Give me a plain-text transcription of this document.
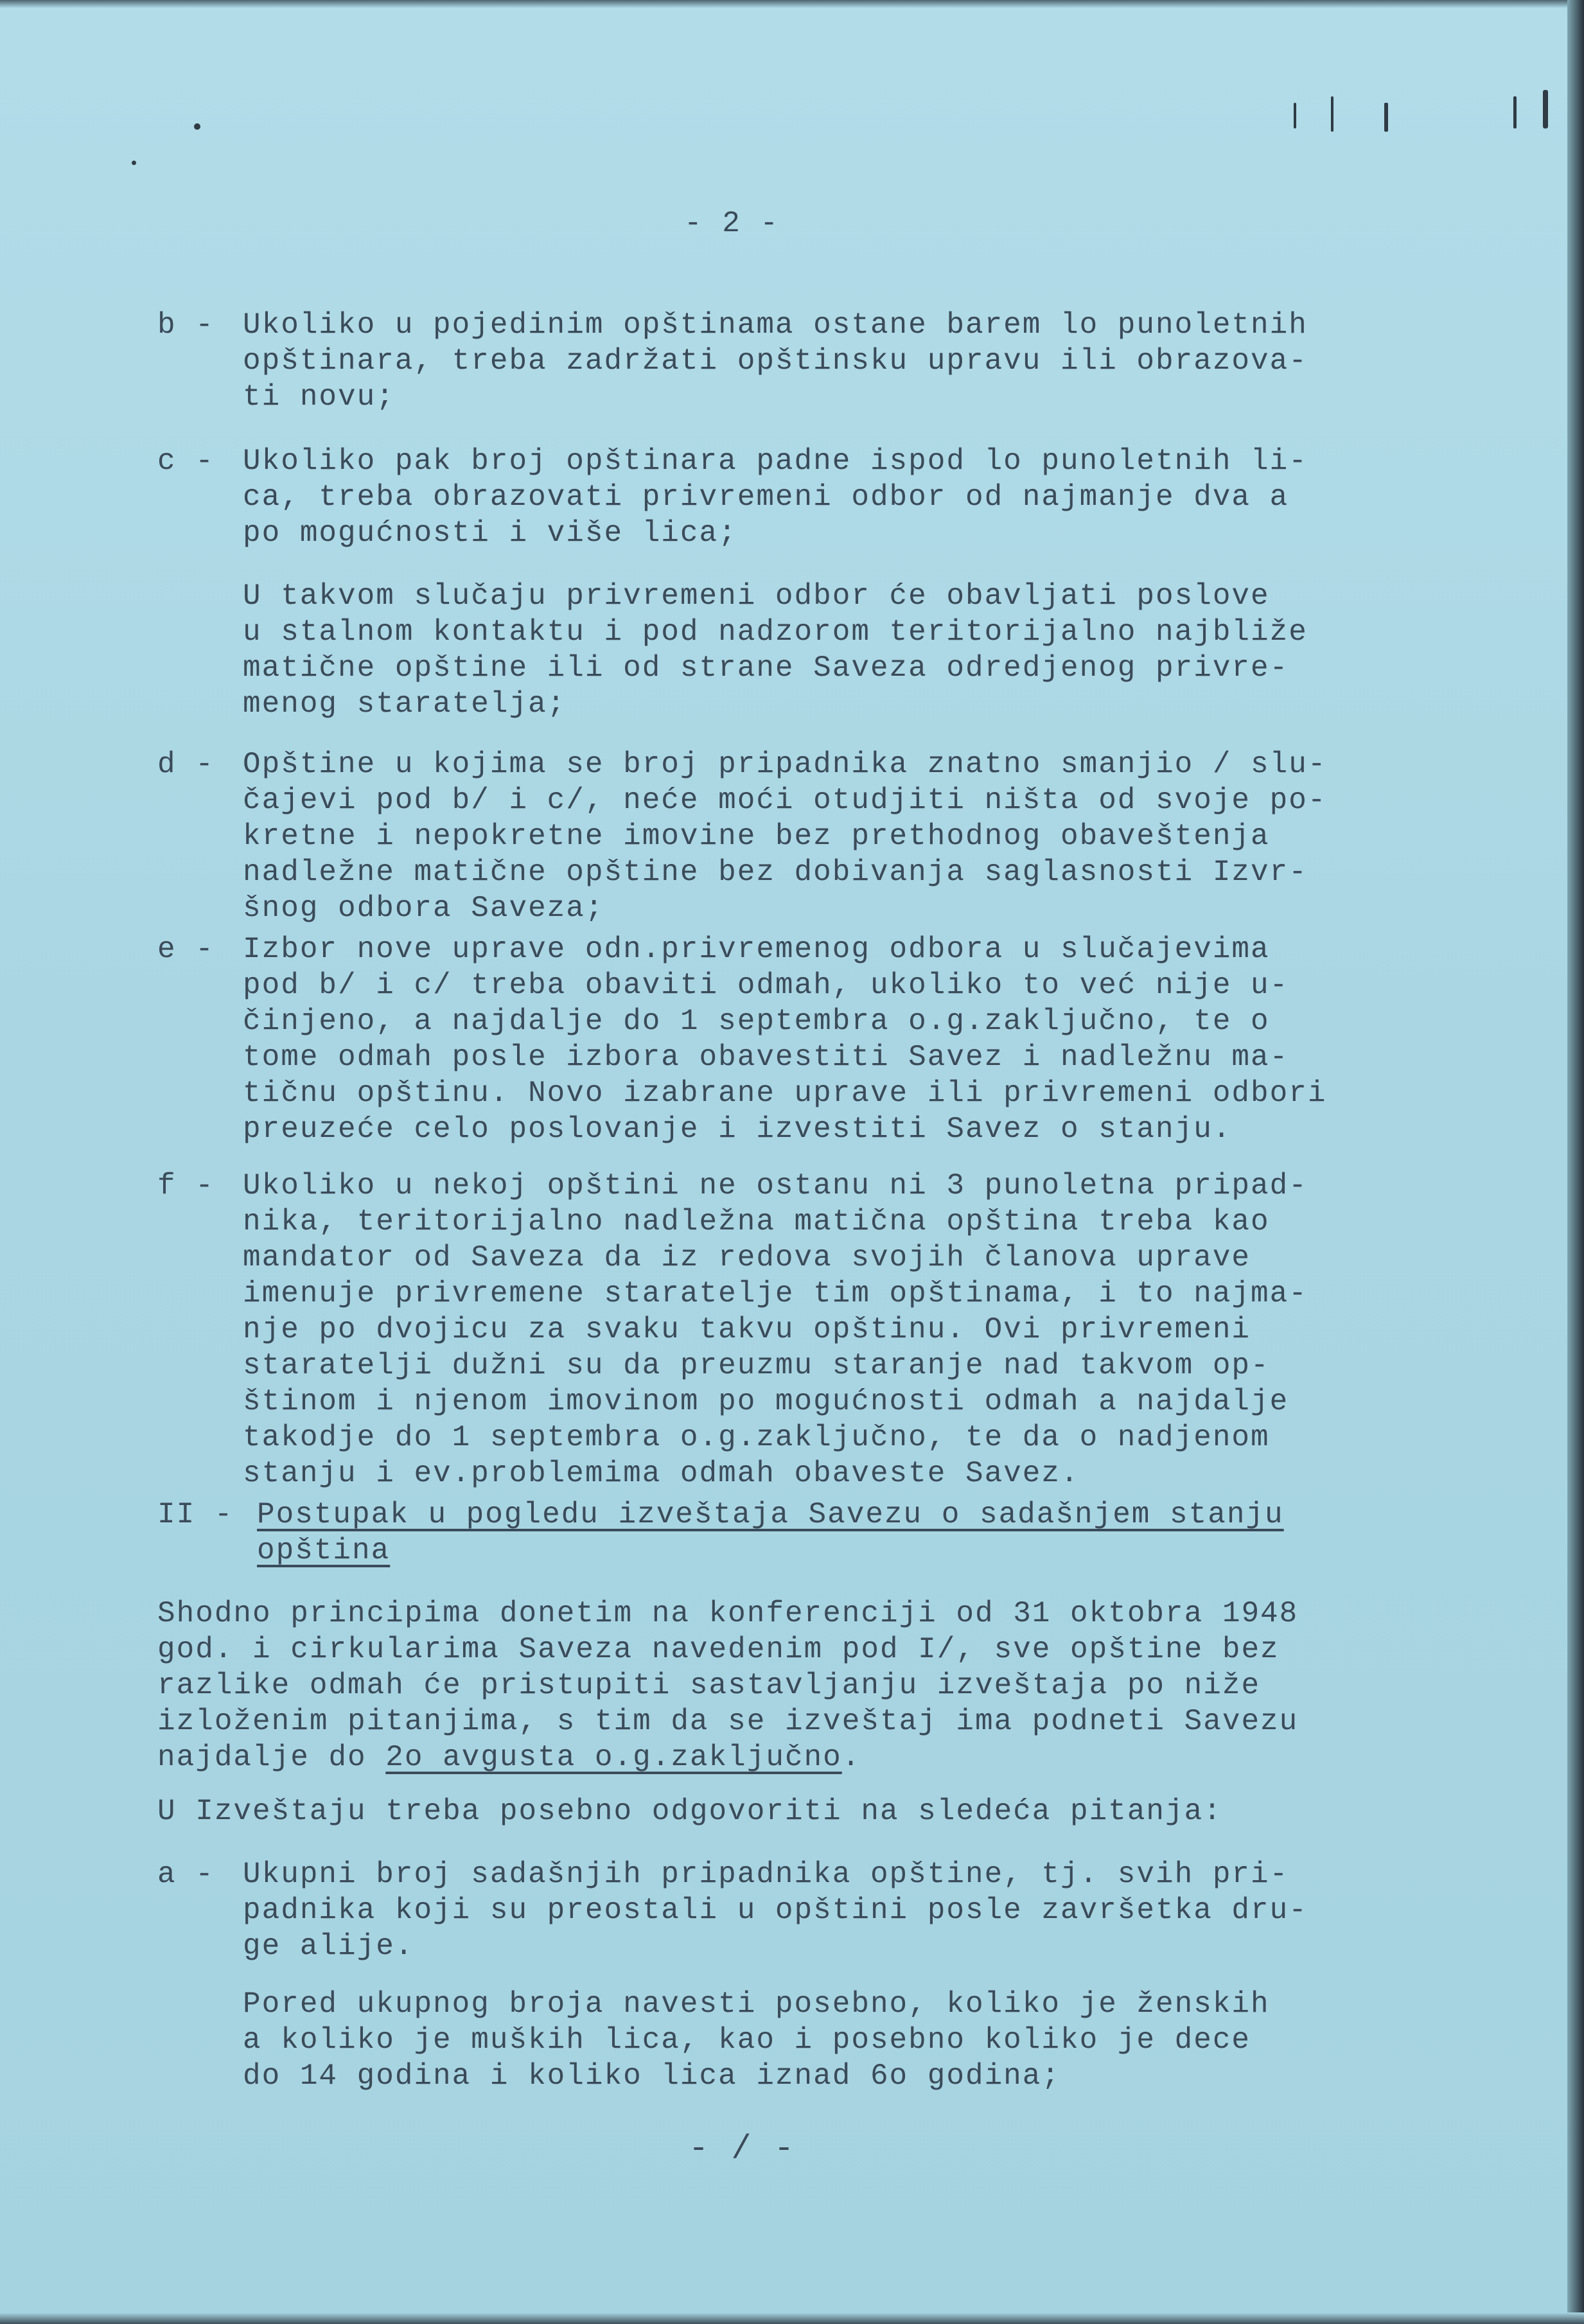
- 2 -
b - Ukoliko u pojedinim opštinama ostane barem lo punoletnih
opštinara, treba zadržati opštinsku upravu ili obrazova-
ti novu;
c - Ukoliko pak broj opštinara padne ispod lo punoletnih li-
ca, treba obrazovati privremeni odbor od najmanje dva a
po mogućnosti i više lica;
U takvom slučaju privremeni odbor će obavljati poslove
u stalnom kontaktu i pod nadzorom teritorijalno najbliže
matične opštine ili od strane Saveza odredjenog privre-
menog staratelja;
d - Opštine u kojima se broj pripadnika znatno smanjio / slu-
čajevi pod b/ i c/, neće moći otudjiti ništa od svoje po-
kretne i nepokretne imovine bez prethodnog obaveštenja
nadležne matične opštine bez dobivanja saglasnosti Izvr-
šnog odbora Saveza;
e - Izbor nove uprave odn.privremenog odbora u slučajevima
pod b/ i c/ treba obaviti odmah, ukoliko to već nije u-
činjeno, a najdalje do 1 septembra o.g.zaključno, te o
tome odmah posle izbora obavestiti Savez i nadležnu ma-
tičnu opštinu. Novo izabrane uprave ili privremeni odbori
preuzeće celo poslovanje i izvestiti Savez o stanju.
f - Ukoliko u nekoj opštini ne ostanu ni 3 punoletna pripad-
nika, teritorijalno nadležna matična opština treba kao
mandator od Saveza da iz redova svojih članova uprave
imenuje privremene staratelje tim opštinama, i to najma-
nje po dvojicu za svaku takvu opštinu. Ovi privremeni
staratelji dužni su da preuzmu staranje nad takvom op-
štinom i njenom imovinom po mogućnosti odmah a najdalje
takodje do 1 septembra o.g.zaključno, te da o nadjenom
stanju i ev.problemima odmah obaveste Savez.
II - Postupak u pogledu izveštaja Savezu o sadašnjem stanju
opština
Shodno principima donetim na konferenciji od 31 oktobra 1948
god. i cirkularima Saveza navedenim pod I/, sve opštine bez
razlike odmah će pristupiti sastavljanju izveštaja po niže
izloženim pitanjima, s tim da se izveštaj ima podneti Savezu
najdalje do 2o avgusta o.g.zaključno.
U Izveštaju treba posebno odgovoriti na sledeća pitanja:
a - Ukupni broj sadašnjih pripadnika opštine, tj. svih pri-
padnika koji su preostali u opštini posle završetka dru-
ge alije.
Pored ukupnog broja navesti posebno, koliko je ženskih
a koliko je muških lica, kao i posebno koliko je dece
do 14 godina i koliko lica iznad 6o godina;
- / -
